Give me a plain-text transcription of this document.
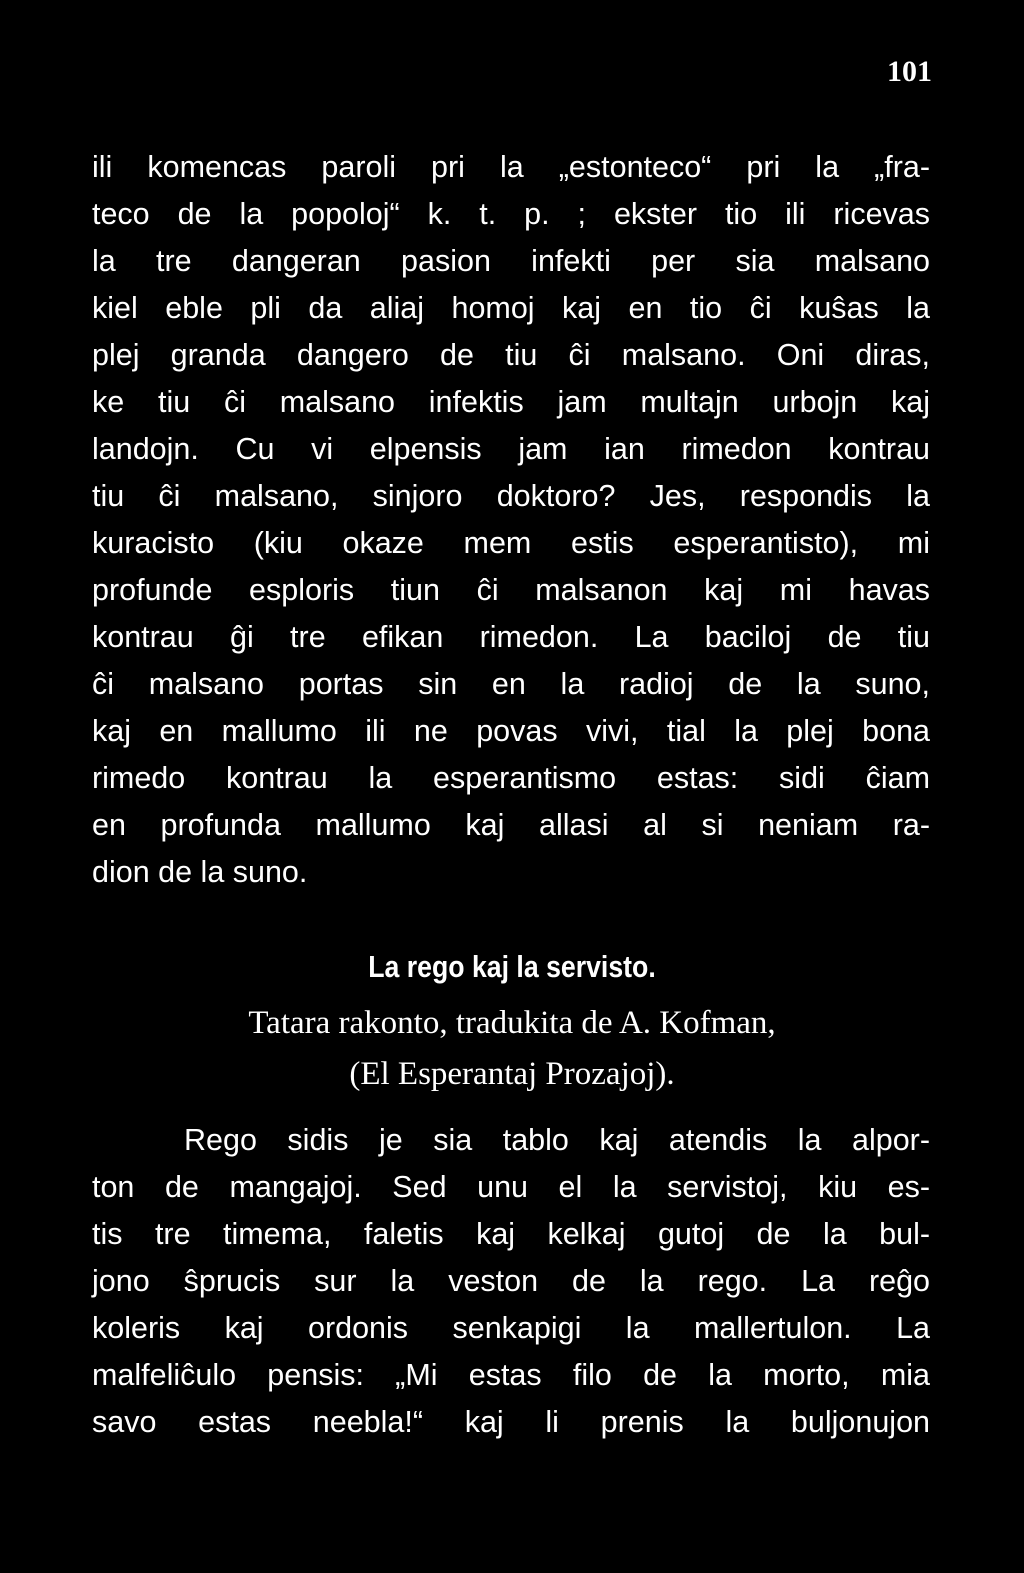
101
ili komencas paroli pri la „estonteco“ pri la „fra-
teco de la popoloj“ k. t. p. ; ekster tio ili ricevas
la tre dangeran pasion infekti per sia malsano
kiel eble pli da aliaj homoj kaj en tio ĉi kuŝas la
plej granda dangero de tiu ĉi malsano. Oni diras,
ke tiu ĉi malsano infektis jam multajn urbojn kaj
landojn. Cu vi elpensis jam ian rimedon kontrau
tiu ĉi malsano, sinjoro doktoro? Jes, respondis la
kuracisto (kiu okaze mem estis esperantisto), mi
profunde esploris tiun ĉi malsanon kaj mi havas
kontrau ĝi tre efikan rimedon. La baciloj de tiu
ĉi malsano portas sin en la radioj de la suno,
kaj en mallumo ili ne povas vivi, tial la plej bona
rimedo kontrau la esperantismo estas: sidi ĉiam
en profunda mallumo kaj allasi al si neniam ra-
dion de la suno.
La rego kaj la servisto.
Tatara rakonto, tradukita de A. Kofman,
(El Esperantaj Prozajoj).
Rego sidis je sia tablo kaj atendis la alpor-
ton de mangajoj. Sed unu el la servistoj, kiu es-
tis tre timema, faletis kaj kelkaj gutoj de la bul-
jono ŝprucis sur la veston de la rego. La reĝo
koleris kaj ordonis senkapigi la mallertulon. La
malfeliĉulo pensis: „Mi estas filo de la morto, mia
savo estas neebla!“ kaj li prenis la buljonujon
